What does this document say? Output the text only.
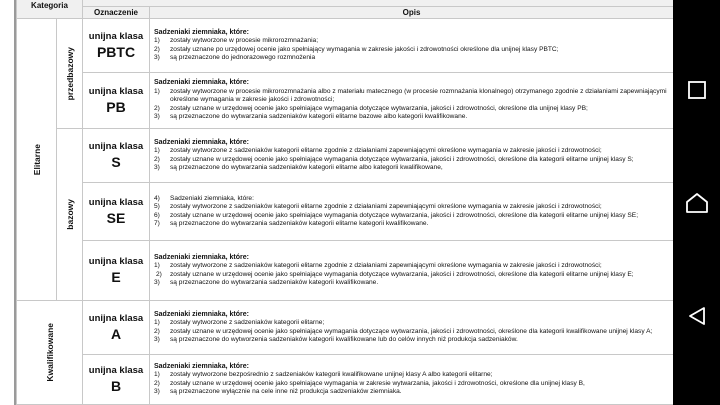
Kategoria			
		Oznaczenie	Opis

Elitarne

przedbazowy

unijna klasa
PBTC

Sadzeniaki ziemniaka, które:
1)	zostały wytworzone w procesie mikrorozmnażania;
2)	zostały uznane po urzędowej ocenie jako spełniający wymagania w zakresie jakości i zdrowotności określone dla unijnej klasy PBTC;
3)	są przeznaczone do jednorazowego rozmnożenia

unijna klasa
PB

Sadzeniaki ziemniaka, które:
1)	zostały wytworzone w procesie mikrorozmnażania albo z materiału matecznego (w procesie rozmnażania klonalnego) otrzymanego zgodnie z działaniami zapewniającymi określone wymagania w zakresie jakości i zdrowotności;
2)	zostały uznane w urzędowej ocenie jako spełniające wymagania dotyczące wytwarzania, jakości i zdrowotności, określone dla unijnej klasy PB;
3)	są przeznaczone do wytwarzania sadzeniaków kategorii elitarne bazowe albo kategorii kwalifikowane.

bazowy

unijna klasa
S

Sadzeniaki ziemniaka, które:
1)	zostały wytworzone z sadzeniaków kategorii elitarne zgodnie z działaniami zapewniającymi określone wymagania w zakresie jakości i zdrowotności;
2)	zostały uznane w urzędowej ocenie jako spełniające wymagania dotyczące wytwarzania, jakości i zdrowotności, określone dla kategorii elitarne unijnej klasy S;
3)	są przeznaczone do wytwarzania sadzeniaków kategorii elitarne albo kategorii kwalifikowane,

unijna klasa
SE

4)	Sadzeniaki ziemniaka, które:
5)	zostały wytworzone z sadzeniaków kategorii elitarne zgodnie z działaniami zapewniającymi określone wymagania w zakresie jakości i zdrowotności;
6)	zostały uznane w urzędowej ocenie jako spełniające wymagania dotyczące wytwarzania, jakości i zdrowotności, określone dla kategorii elitarne unijnej klasy SE;
7)	są przeznaczone do wytwarzania sadzeniaków kategorii elitarne kategorii kwalifikowane.

unijna klasa
E

Sadzeniaki ziemniaka, które:
1)	zostały wytworzone z sadzeniaków kategorii elitarne zgodnie z działaniami zapewniającymi określone wymagania w zakresie jakości i zdrowotności;
2)	zostały uznane w urzędowej ocenie jako spełniające wymagania dotyczące wytwarzania, jakości i zdrowotności, określone dla kategorii elitarne unijnej klasy E;
3)	są przeznaczone do wytwarzania sadzeniaków kategorii kwalifikowane.

Kwalifikowane

unijna klasa
A

Sadzeniaki ziemniaka, które:
1)	zostały wytworzone z sadzeniaków kategorii elitarne;
2)	zostały uznane w urzędowej ocenie jako spełniające wymagania dotyczące wytwarzania, jakości i zdrowotności, określone dla kategorii kwalifikowane unijnej klasy A;
3)	są przeznaczone do wytworzenia sadzeniaków kategorii kwalifikowane lub do celów innych niż produkcja sadzeniaków.

unijna klasa
B

Sadzeniaki ziemniaka, które:
1)	zostały wytworzone bezpośrednio z sadzeniaków kategorii kwalifikowane unijnej klasy A albo kategorii elitarne;
2)	zostały uznane w urzędowej ocenie jako spełniające wymagania w zakresie wytwarzania, jakości i zdrowotności, określone dla unijnej klasy B,
3)	są przeznaczone wyłącznie na cele inne niż produkcja sadzeniaków ziemniaka.
